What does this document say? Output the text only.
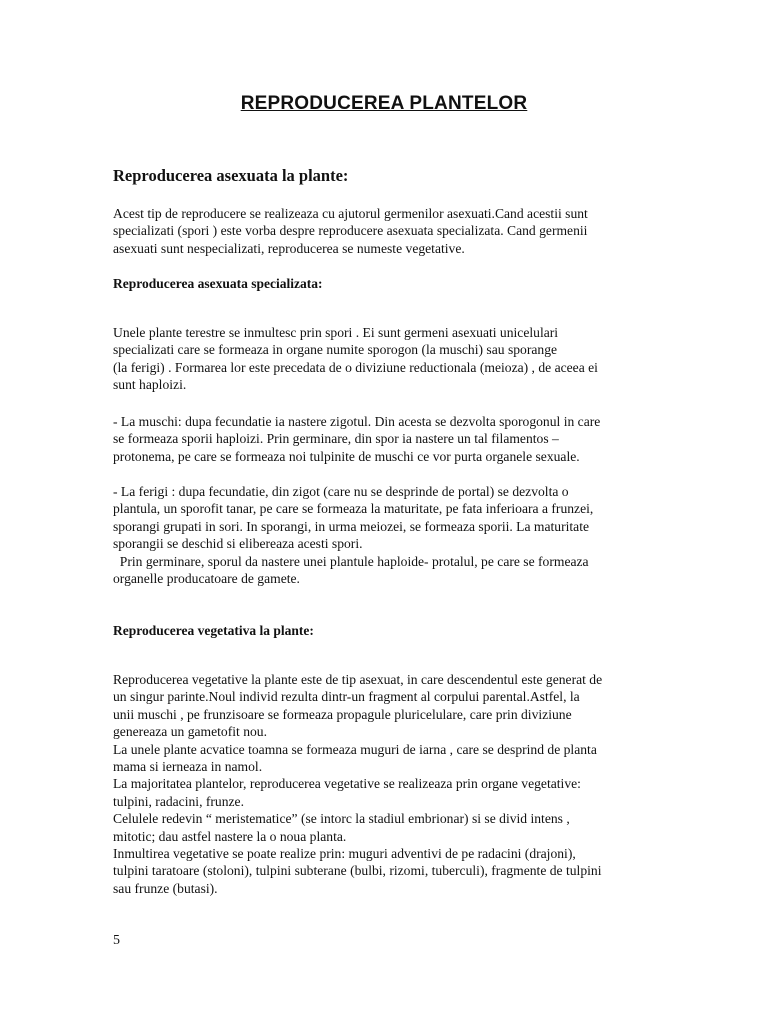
REPRODUCEREA PLANTELOR
Reproducerea asexuata la plante:

Acest tip de reproducere se realizeaza cu ajutorul germenilor asexuati.Cand acestii sunt
specializati (spori ) este vorba despre reproducere asexuata specializata. Cand germenii
asexuati sunt nespecializati, reproducerea se numeste vegetative.

Reproducerea asexuata specializata:

Unele plante terestre se inmultesc prin spori . Ei sunt germeni asexuati unicelulari
specializati care se formeaza in organe numite sporogon (la muschi) sau sporange
(la ferigi) . Formarea lor este precedata de o diviziune reductionala (meioza) , de aceea ei
sunt haploizi.

- La muschi: dupa fecundatie ia nastere zigotul. Din acesta se dezvolta sporogonul in care
se formeaza sporii haploizi. Prin germinare, din spor ia nastere un tal filamentos –
protonema, pe care se formeaza noi tulpinite de muschi ce vor purta organele sexuale.

- La ferigi : dupa fecundatie, din zigot (care nu se desprinde de portal) se dezvolta o
plantula, un sporofit tanar, pe care se formeaza la maturitate, pe fata inferioara a frunzei,
sporangi grupati in sori. In sporangi, in urma meiozei, se formeaza sporii. La maturitate
sporangii se deschid si elibereaza acesti spori.
Prin germinare, sporul da nastere unei plantule haploide- protalul, pe care se formeaza
organelle producatoare de gamete.

Reproducerea vegetativa la plante:

Reproducerea vegetative la plante este de tip asexuat, in care descendentul este generat de
un singur parinte.Noul individ rezulta dintr-un fragment al corpului parental.Astfel, la
unii muschi , pe frunzisoare se formeaza propagule pluricelulare, care prin diviziune
genereaza un gametofit nou.
La unele plante acvatice toamna se formeaza muguri de iarna , care se desprind de planta
mama si ierneaza in namol.
La majoritatea plantelor, reproducerea vegetative se realizeaza prin organe vegetative:
tulpini, radacini, frunze.
Celulele redevin “ meristematice” (se intorc la stadiul embrionar) si se divid intens ,
mitotic; dau astfel nastere la o noua planta.
Inmultirea vegetative se poate realize prin: muguri adventivi de pe radacini (drajoni),
tulpini taratoare (stoloni), tulpini subterane (bulbi, rizomi, tuberculi), fragmente de tulpini
sau frunze (butasi).

5
